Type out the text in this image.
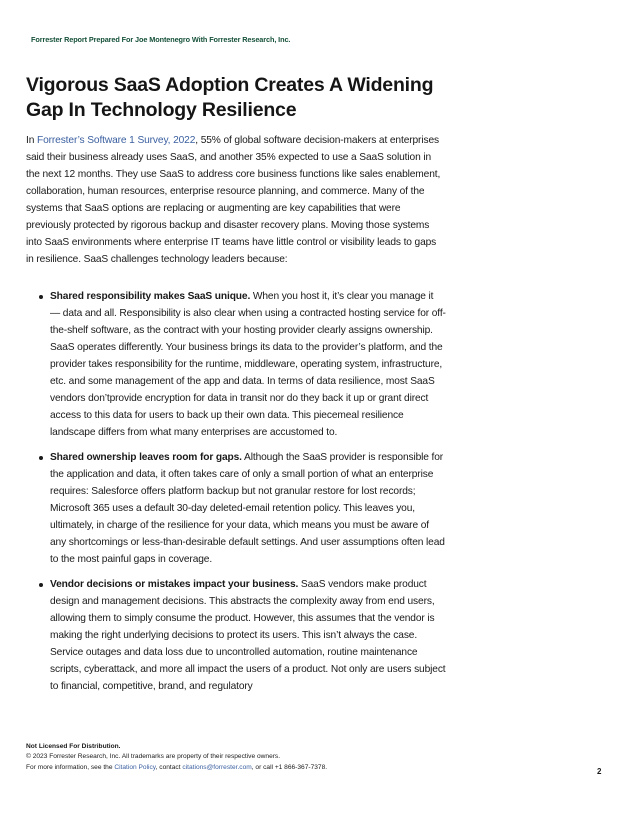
Forrester Report Prepared For Joe Montenegro With Forrester Research, Inc.
Vigorous SaaS Adoption Creates A Widening Gap In Technology Resilience

In Forrester’s Software 1 Survey, 2022, 55% of global software decision-makers at enterprises said their business already uses SaaS, and another 35% expected to use a SaaS solution in the next 12 months. They use SaaS to address core business functions like sales enablement, collaboration, human resources, enterprise resource planning, and commerce. Many of the systems that SaaS options are replacing or augmenting are key capabilities that were previously protected by rigorous backup and disaster recovery plans. Moving those systems into SaaS environments where enterprise IT teams have little control or visibility leads to gaps in resilience. SaaS challenges technology leaders because:

Shared responsibility makes SaaS unique. When you host it, it’s clear you manage it — data and all. Responsibility is also clear when using a contracted hosting service for off-the-shelf software, as the contract with your hosting provider clearly assigns ownership. SaaS operates differently. Your business brings its data to the provider’s platform, and the provider takes responsibility for the runtime, middleware, operating system, infrastructure, etc. and some management of the app and data. In terms of data resilience, most SaaS vendors don’tprovide encryption for data in transit nor do they back it up or grant direct access to this data for users to back up their own data. This piecemeal resilience landscape differs from what many enterprises are accustomed to.
Shared ownership leaves room for gaps. Although the SaaS provider is responsible for the application and data, it often takes care of only a small portion of what an enterprise requires: Salesforce offers platform backup but not granular restore for lost records; Microsoft 365 uses a default 30-day deleted-email retention policy. This leaves you, ultimately, in charge of the resilience for your data, which means you must be aware of any shortcomings or less-than-desirable default settings. And user assumptions often lead to the most painful gaps in coverage.
Vendor decisions or mistakes impact your business. SaaS vendors make product design and management decisions. This abstracts the complexity away from end users, allowing them to simply consume the product. However, this assumes that the vendor is making the right underlying decisions to protect its users. This isn’t always the case. Service outages and data loss due to uncontrolled automation, routine maintenance scripts, cyberattack, and more all impact the users of a product. Not only are users subject to financial, competitive, brand, and regulatory
Not Licensed For Distribution.
© 2023 Forrester Research, Inc. All trademarks are property of their respective owners.
For more information, see the Citation Policy, contact citations@forrester.com, or call +1 866-367-7378.	2
